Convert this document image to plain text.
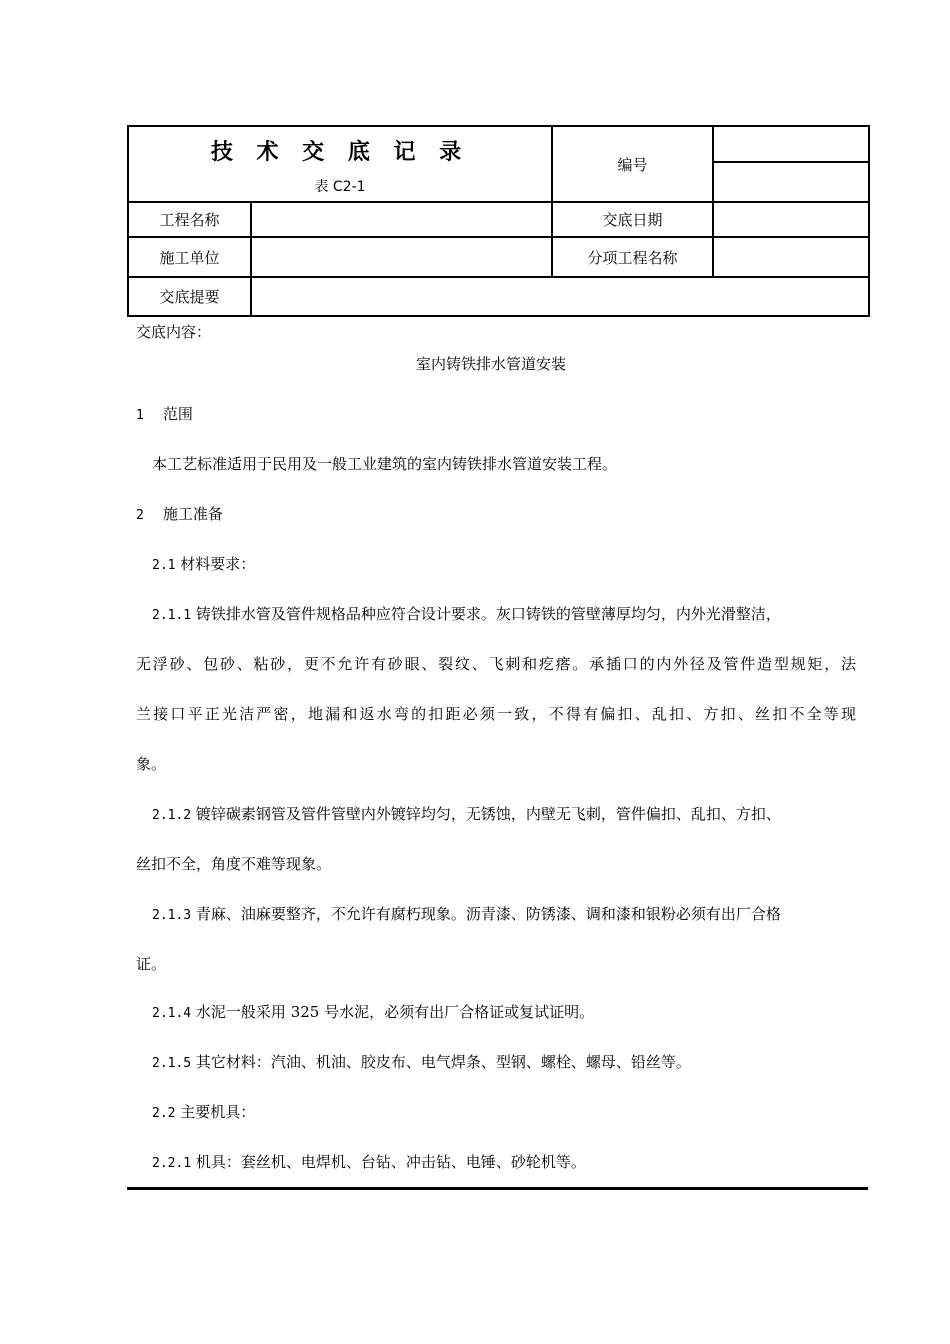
技 术 交 底 记 录
表 C2-1		编号	

工程名称		交底日期	
施工单位		分项工程名称	
交底提要			
交底内容：
室内铸铁排水管道安装
1 范围
本工艺标准适用于民用及一般工业建筑的室内铸铁排水管道安装工程。
2 施工准备
2.1 材料要求：
2.1.1 铸铁排水管及管件规格品种应符合设计要求。灰口铸铁的管壁薄厚均匀，内外光滑整洁，
无浮砂、包砂、粘砂，更不允许有砂眼、裂纹、飞刺和疙瘩。承插口的内外径及管件造型规矩，法
兰接口平正光洁严密，地漏和返水弯的扣距必须一致，不得有偏扣、乱扣、方扣、丝扣不全等现
象。
2.1.2 镀锌碳素钢管及管件管壁内外镀锌均匀，无锈蚀，内壁无飞刺，管件偏扣、乱扣、方扣、
丝扣不全，角度不难等现象。
2.1.3 青麻、油麻要整齐，不允许有腐朽现象。沥青漆、防锈漆、调和漆和银粉必须有出厂合格
证。
2.1.4 水泥一般采用 325 号水泥，必须有出厂合格证或复试证明。
2.1.5 其它材料：汽油、机油、胶皮布、电气焊条、型钢、螺栓、螺母、铅丝等。
2.2 主要机具：
2.2.1 机具：套丝机、电焊机、台钻、冲击钻、电锤、砂轮机等。
